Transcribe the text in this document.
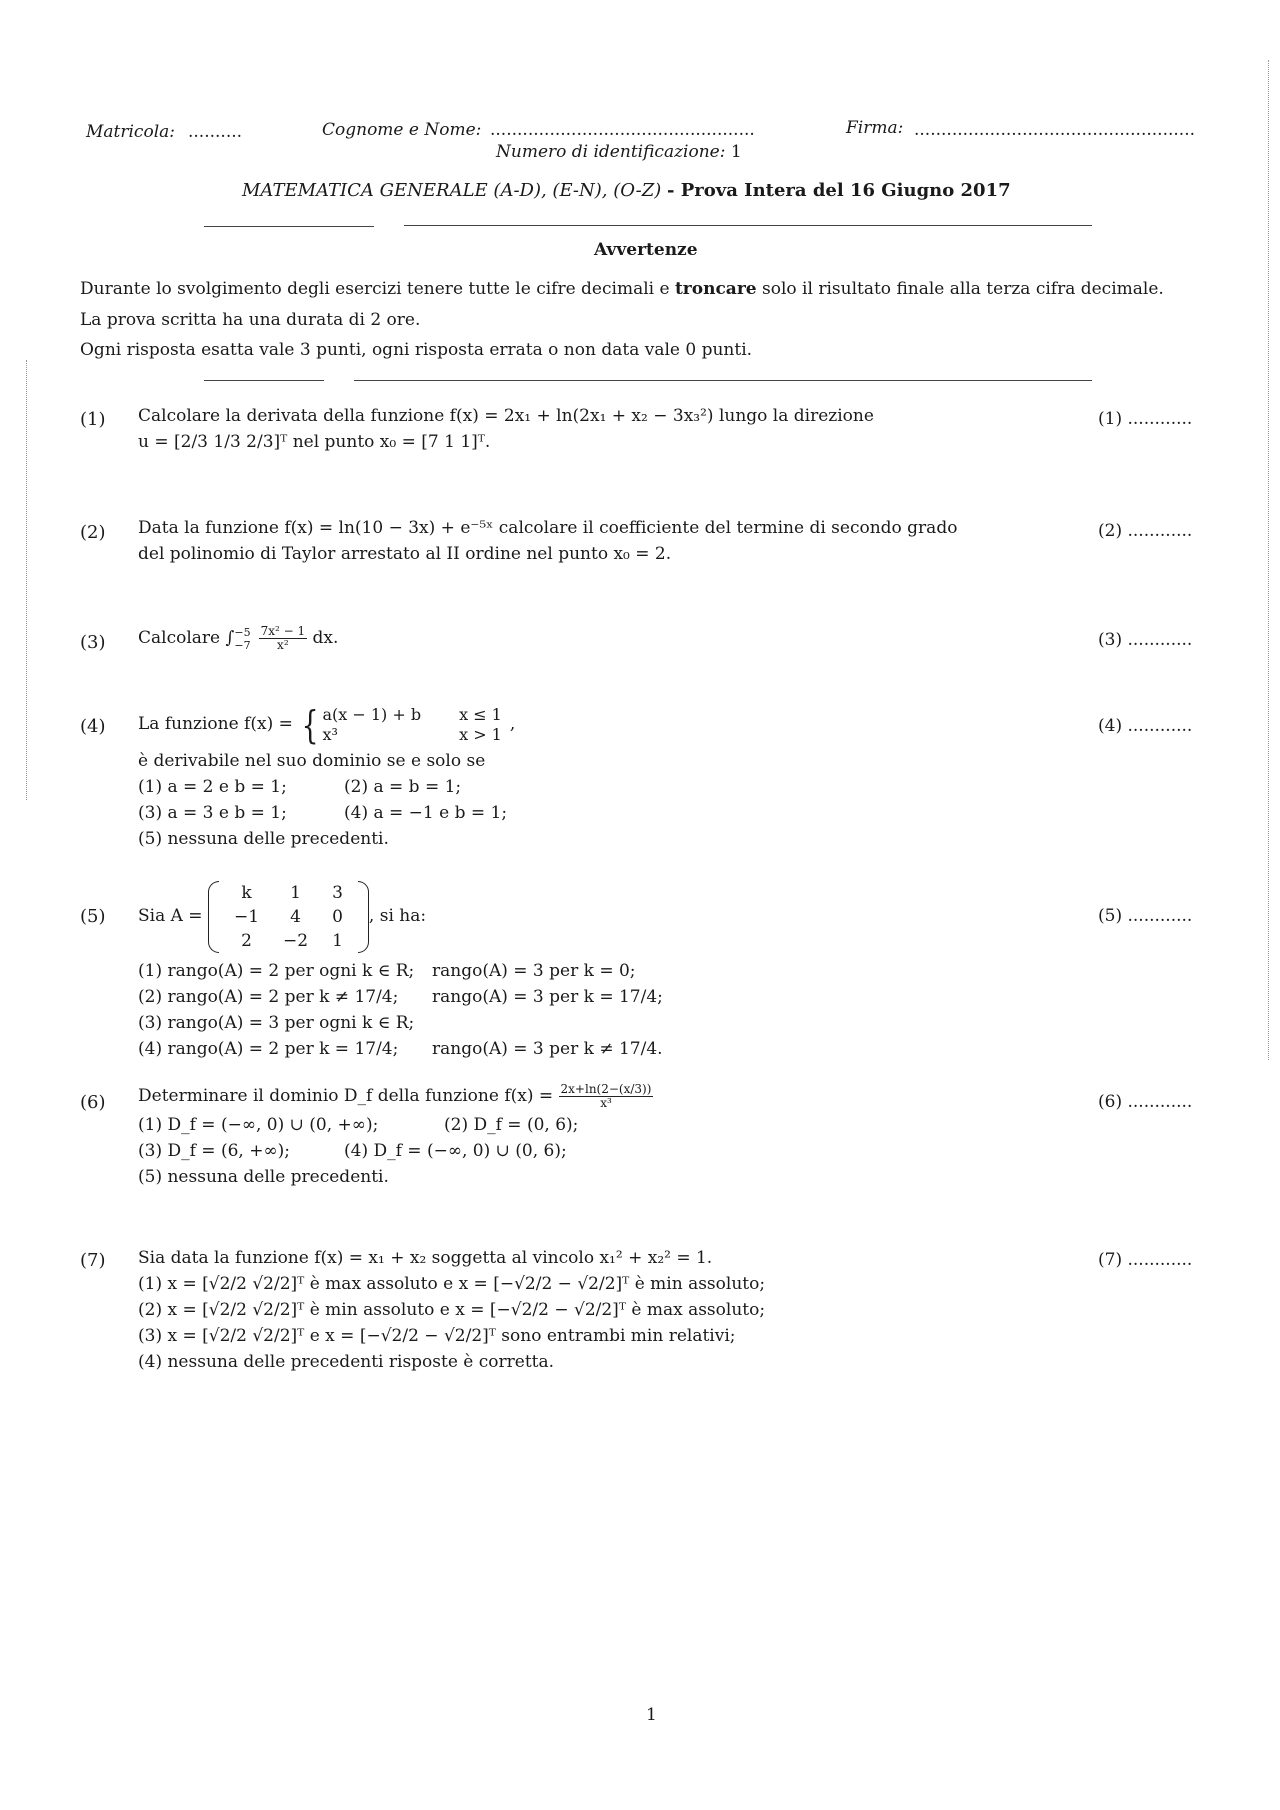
Matricola: ..........	Cognome e Nome: .................................................	Firma: ....................................................
Numero di identificazione: 1
MATEMATICA GENERALE (A-D), (E-N), (O-Z) - Prova Intera del 16 Giugno 2017
Avvertenze
Durante lo svolgimento degli esercizi tenere tutte le cifre decimali e troncare solo il risultato finale alla terza cifra decimale.
La prova scritta ha una durata di 2 ore.
Ogni risposta esatta vale 3 punti, ogni risposta errata o non data vale 0 punti.
(1) Calcolare la derivata della funzione f(x) = 2x₁ + ln(2x₁ + x₂ − 3x₃²) lungo la direzione
u = [2/3 1/3 2/3]ᵀ nel punto x₀ = [7 1 1]ᵀ.
(1) ............
(2) Data la funzione f(x) = ln(10 − 3x) + e⁻⁵ˣ calcolare il coefficiente del termine di secondo grado
del polinomio di Taylor arrestato al II ordine nel punto x₀ = 2.
(2) ............
(3) Calcolare ∫ −5
$-7 \frac{\text{7x² − 1}}{\text{x²}}$ dx.	(3) ............
(4) La funzione f(x) = { a(x − 1) + b	x ≤ 1
x³	x > 1 ,
è derivabile nel suo dominio se e solo se
(1) a = 2 e b = 1;	(2) a = b = 1;
(3) a = 3 e b = 1;	(4) a = −1 e b = 1;
(5) nessuna delle precedenti.
(4) ............
(5) Sia A =
k	1	3
−1	4	0
2	−2	1
, si ha:
(1) rango(A) = 2 per ogni k ∈ R; rango(A) = 3 per k = 0;
(2) rango(A) = 2 per k ≠ 17/4; rango(A) = 3 per k = 17/4;
(3) rango(A) = 3 per ogni k ∈ R;
(4) rango(A) = 2 per k = 17/4; rango(A) = 3 per k ≠ 17/4.
(5) ............
(6) Determinare il dominio D_f della funzione $f(x) = \frac{2x+\ln(2-(x/3))}{\text{x³}}$
(1) D_f = (−∞, 0) ∪ (0, +∞);	(2) D_f = (0, 6);
(3) D_f = (6, +∞);	(4) D_f = (−∞, 0) ∪ (0, 6);
(5) nessuna delle precedenti.
(6) ............
(7) Sia data la funzione f(x) = x₁ + x₂ soggetta al vincolo x₁² + x₂² = 1.
(1) x = [√2/2 √2/2]ᵀ è max assoluto e x = [−√2/2 − √2/2]ᵀ è min assoluto;
(2) x = [√2/2 √2/2]ᵀ è min assoluto e x = [−√2/2 − √2/2]ᵀ è max assoluto;
(3) x = [√2/2 √2/2]ᵀ e x = [−√2/2 − √2/2]ᵀ sono entrambi min relativi;
(4) nessuna delle precedenti risposte è corretta.
(7) ............
1
